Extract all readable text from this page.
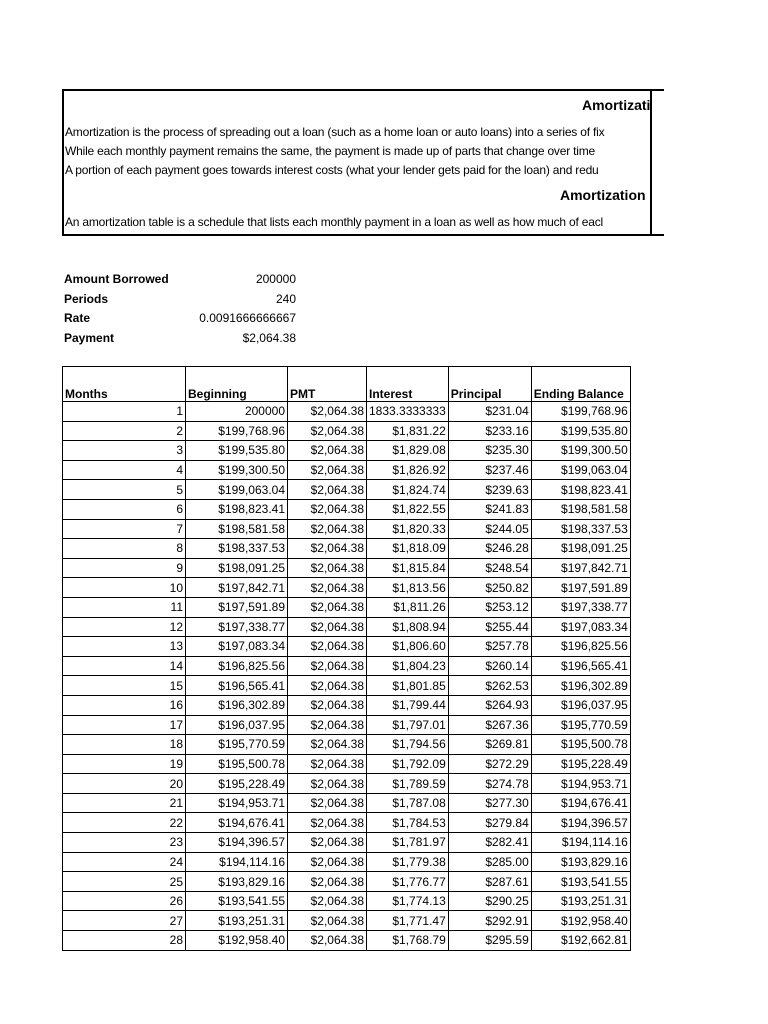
Amortizati
Amortization is the process of spreading out a loan (such as a home loan or auto loans) into a series of fix
While each monthly payment remains the same, the payment is made up of parts that change over time
A portion of each payment goes towards interest costs (what your lender gets paid for the loan) and redu
Amortization
An amortization table is a schedule that lists each monthly payment in a loan as well as how much of eacl
Amount Borrowed	200000
Periods	240
Rate	0.0091666666667
Payment	$2,064.38
Months	Beginning	PMT	Interest	Principal	Ending Balance
1	200000	$2,064.38	1833.3333333	$231.04	$199,768.96
2	$199,768.96	$2,064.38	$1,831.22	$233.16	$199,535.80
3	$199,535.80	$2,064.38	$1,829.08	$235.30	$199,300.50
4	$199,300.50	$2,064.38	$1,826.92	$237.46	$199,063.04
5	$199,063.04	$2,064.38	$1,824.74	$239.63	$198,823.41
6	$198,823.41	$2,064.38	$1,822.55	$241.83	$198,581.58
7	$198,581.58	$2,064.38	$1,820.33	$244.05	$198,337.53
8	$198,337.53	$2,064.38	$1,818.09	$246.28	$198,091.25
9	$198,091.25	$2,064.38	$1,815.84	$248.54	$197,842.71
10	$197,842.71	$2,064.38	$1,813.56	$250.82	$197,591.89
11	$197,591.89	$2,064.38	$1,811.26	$253.12	$197,338.77
12	$197,338.77	$2,064.38	$1,808.94	$255.44	$197,083.34
13	$197,083.34	$2,064.38	$1,806.60	$257.78	$196,825.56
14	$196,825.56	$2,064.38	$1,804.23	$260.14	$196,565.41
15	$196,565.41	$2,064.38	$1,801.85	$262.53	$196,302.89
16	$196,302.89	$2,064.38	$1,799.44	$264.93	$196,037.95
17	$196,037.95	$2,064.38	$1,797.01	$267.36	$195,770.59
18	$195,770.59	$2,064.38	$1,794.56	$269.81	$195,500.78
19	$195,500.78	$2,064.38	$1,792.09	$272.29	$195,228.49
20	$195,228.49	$2,064.38	$1,789.59	$274.78	$194,953.71
21	$194,953.71	$2,064.38	$1,787.08	$277.30	$194,676.41
22	$194,676.41	$2,064.38	$1,784.53	$279.84	$194,396.57
23	$194,396.57	$2,064.38	$1,781.97	$282.41	$194,114.16
24	$194,114.16	$2,064.38	$1,779.38	$285.00	$193,829.16
25	$193,829.16	$2,064.38	$1,776.77	$287.61	$193,541.55
26	$193,541.55	$2,064.38	$1,774.13	$290.25	$193,251.31
27	$193,251.31	$2,064.38	$1,771.47	$292.91	$192,958.40
28	$192,958.40	$2,064.38	$1,768.79	$295.59	$192,662.81
